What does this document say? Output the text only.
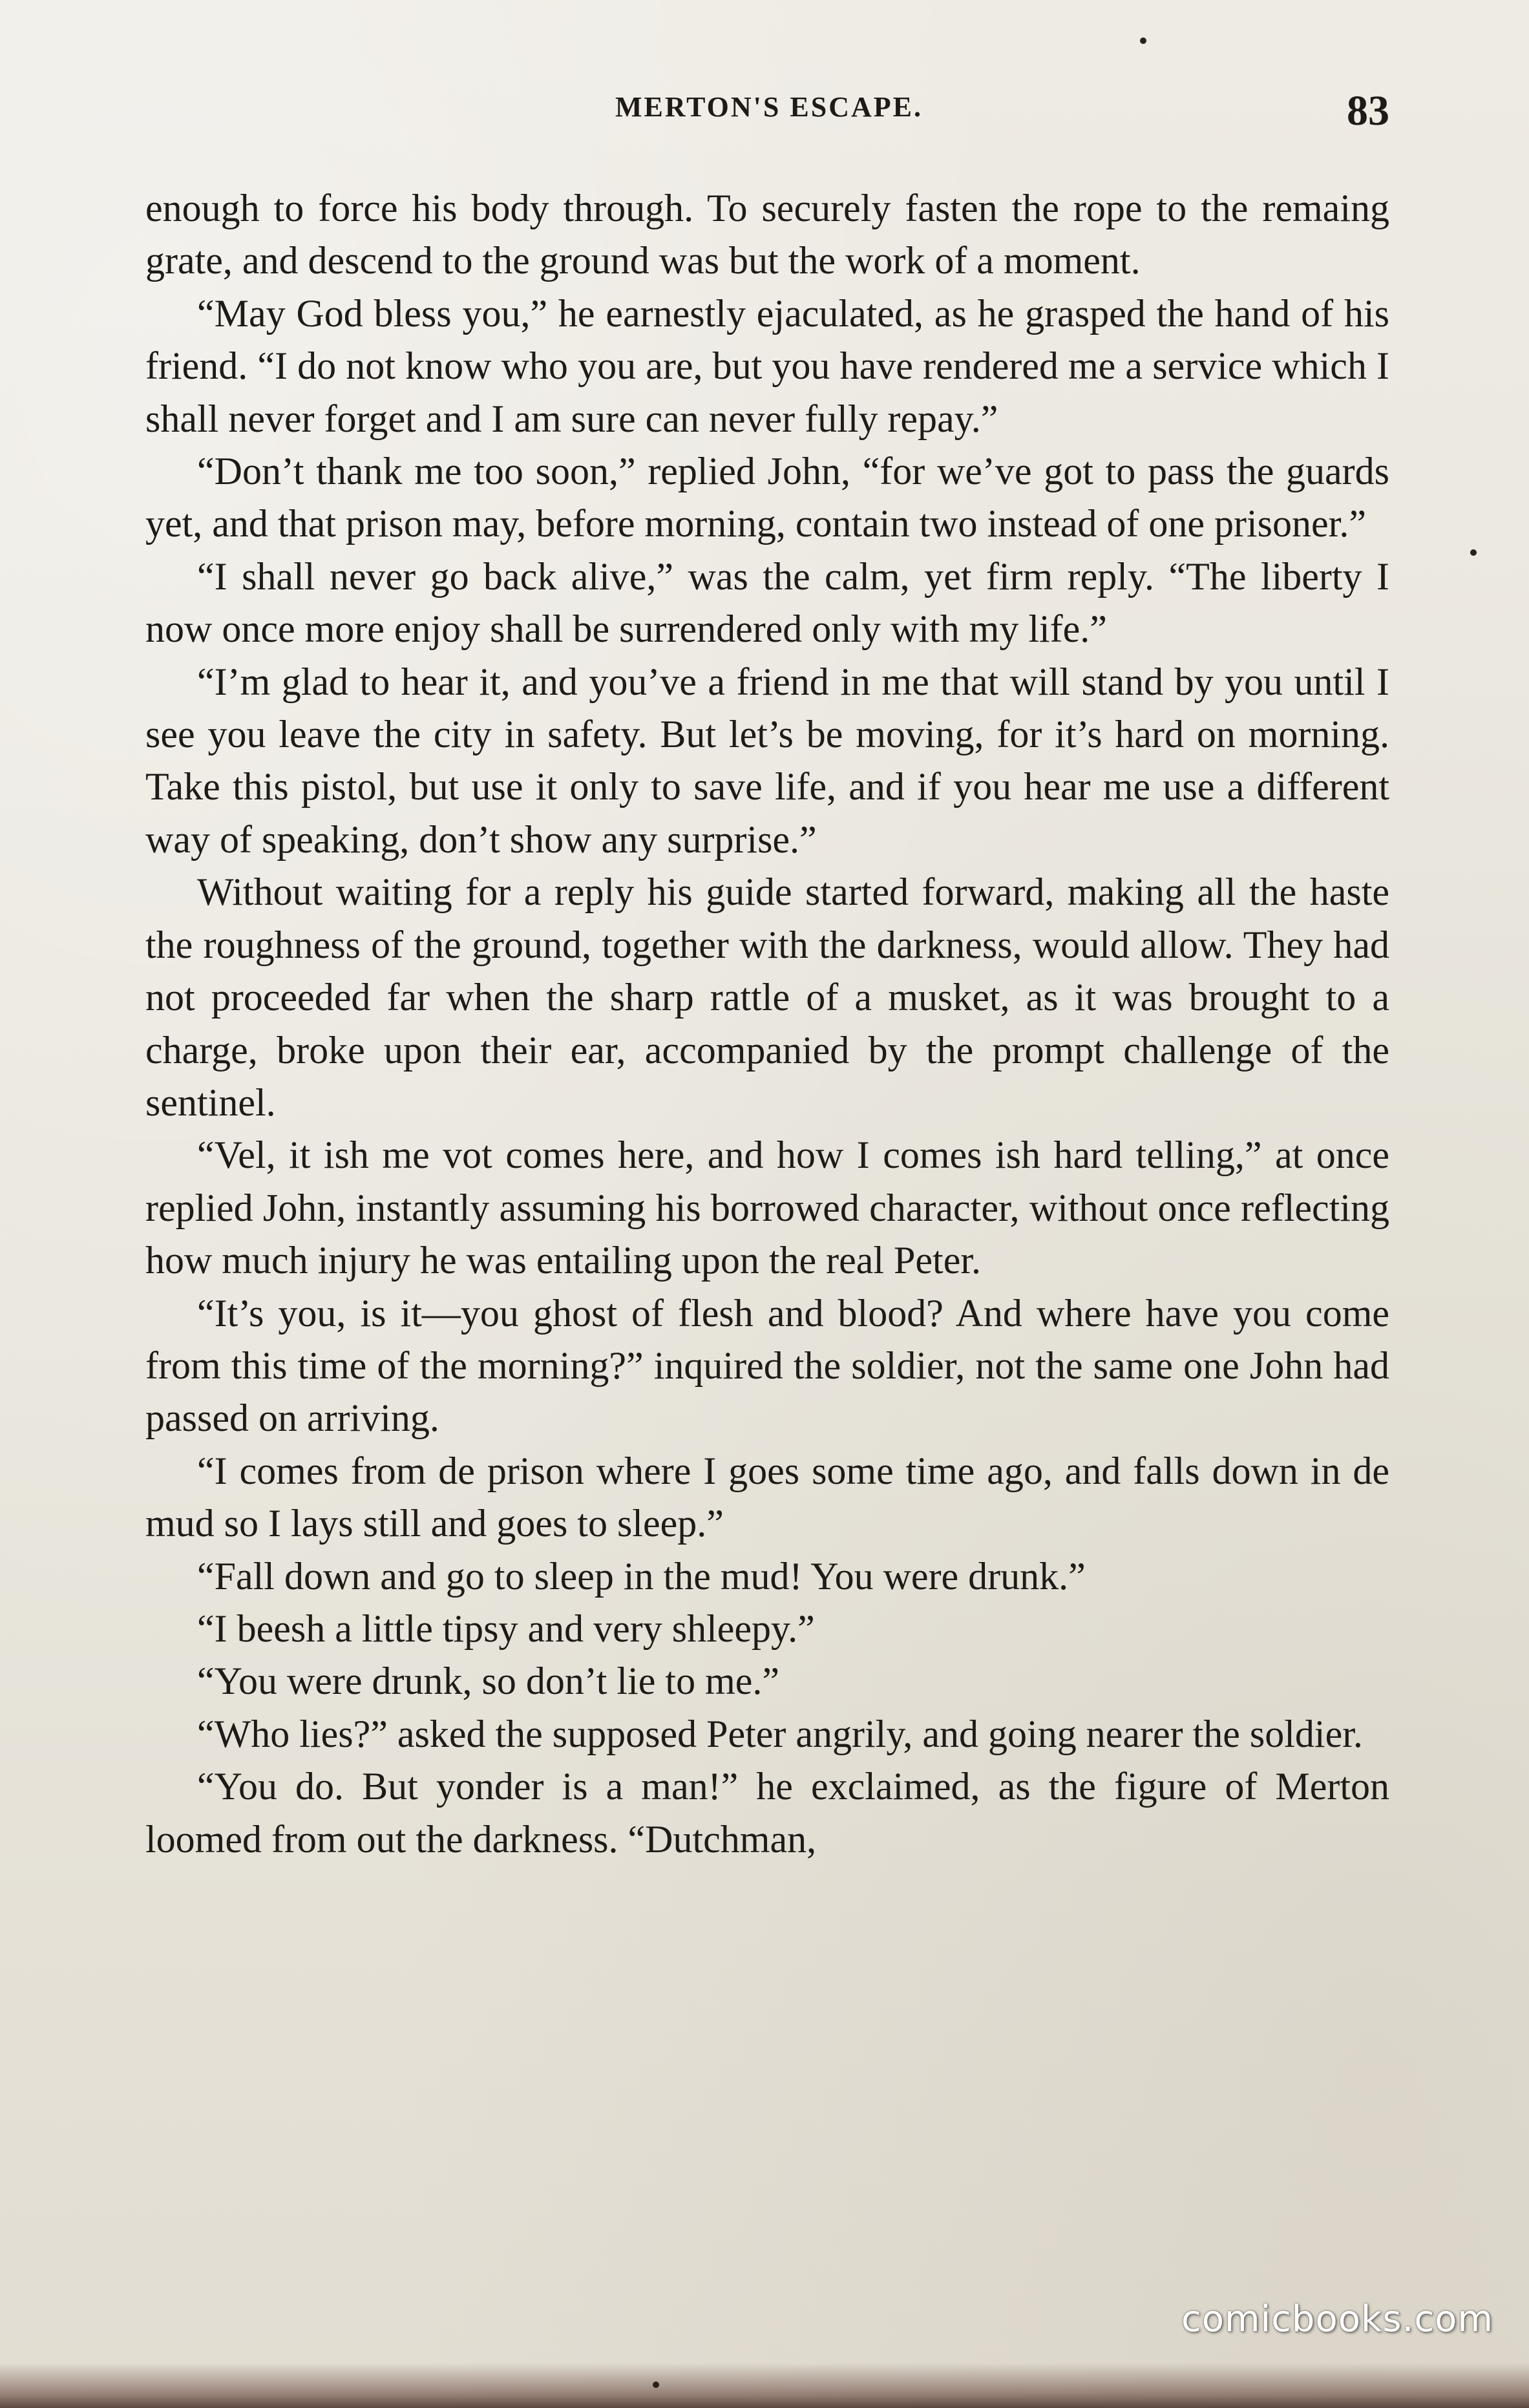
MERTON'S ESCAPE.	83

enough to force his body through. To securely fasten the rope to the remaing grate, and descend to the ground was but the work of a moment.

“May God bless you,” he earnestly ejaculated, as he grasped the hand of his friend. “I do not know who you are, but you have rendered me a service which I shall never forget and I am sure can never fully repay.”

“Don’t thank me too soon,” replied John, “for we’ve got to pass the guards yet, and that prison may, before morning, contain two instead of one prisoner.”

“I shall never go back alive,” was the calm, yet firm reply. “The liberty I now once more enjoy shall be surrendered only with my life.”

“I’m glad to hear it, and you’ve a friend in me that will stand by you until I see you leave the city in safety. But let’s be moving, for it’s hard on morning. Take this pistol, but use it only to save life, and if you hear me use a different way of speaking, don’t show any surprise.”

Without waiting for a reply his guide started forward, making all the haste the roughness of the ground, together with the darkness, would allow. They had not proceeded far when the sharp rattle of a musket, as it was brought to a charge, broke upon their ear, accompanied by the prompt challenge of the sentinel.

“Vel, it ish me vot comes here, and how I comes ish hard telling,” at once replied John, instantly assuming his borrowed character, without once reflecting how much injury he was entailing upon the real Peter.

“It’s you, is it—you ghost of flesh and blood? And where have you come from this time of the morning?” inquired the soldier, not the same one John had passed on arriving.

“I comes from de prison where I goes some time ago, and falls down in de mud so I lays still and goes to sleep.”

“Fall down and go to sleep in the mud! You were drunk.”

“I beesh a little tipsy and very shleepy.”

“You were drunk, so don’t lie to me.”

“Who lies?” asked the supposed Peter angrily, and going nearer the soldier.

“You do. But yonder is a man!” he exclaimed, as the figure of Merton loomed from out the darkness. “Dutchman,

comicbooks.com
